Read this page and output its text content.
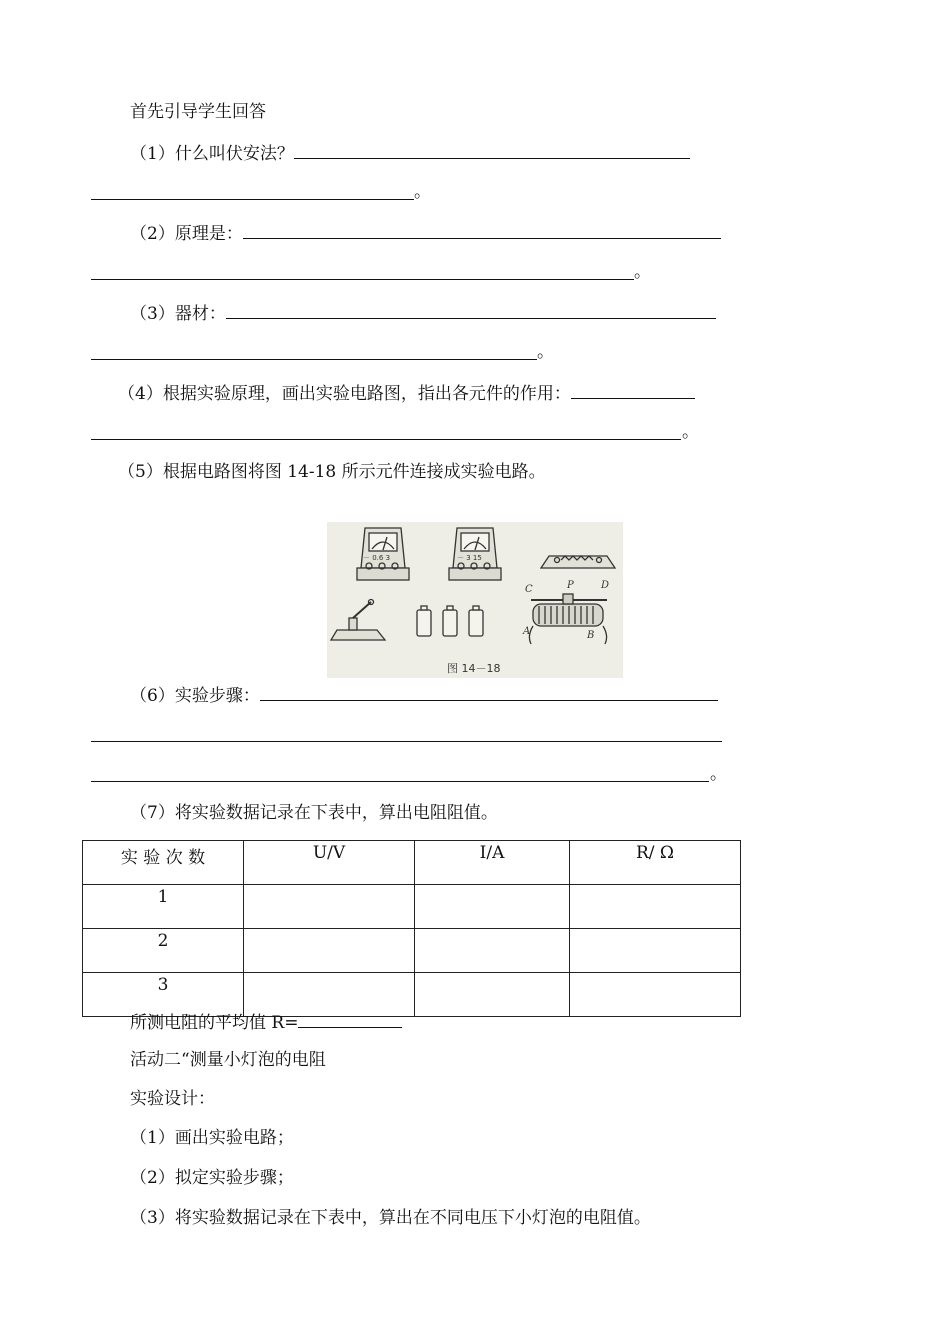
首先引导学生回答
（1）什么叫伏安法？
。
（2）原理是：
。
（3）器材：
。
（4）根据实验原理，画出实验电路图，指出各元件的作用：
。
（5）根据电路图将图 14-18 所示元件连接成实验电路。
－ 0.6 3	－ 3 15
C	P	D
A	B
图 14－18
（6）实验步骤：
。
（7）将实验数据记录在下表中，算出电阻阻值。
实 验 次 数	U/V	I/A	R/ Ω
1			
2			
3			
所测电阻的平均值 R=
活动二“测量小灯泡的电阻
实验设计：
（1）画出实验电路；
（2）拟定实验步骤；
（3）将实验数据记录在下表中，算出在不同电压下小灯泡的电阻值。
